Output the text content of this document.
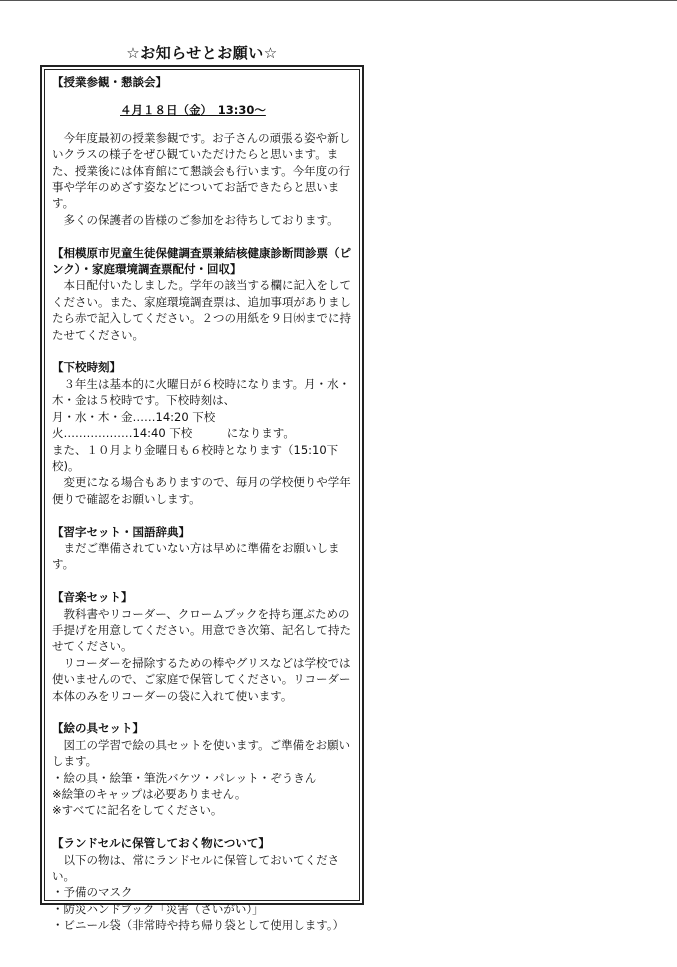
☆お知らせとお願い☆

【授業参観・懇談会】

４月１８日（金）　13:30～

今年度最初の授業参観です。お子さんの頑張る姿や新しいクラスの様子をぜひ観ていただけたらと思います。また、授業後には体育館にて懇談会も行います。今年度の行事や学年のめざす姿などについてお話できたらと思います。

多くの保護者の皆様のご参加をお待ちしております。

【相模原市児童生徒保健調査票兼結核健康診断問診票（ピンク）・家庭環境調査票配付・回収】

本日配付いたしました。学年の該当する欄に記入をしてください。また、家庭環境調査票は、追加事項がありましたら赤で記入してください。２つの用紙を９日㈬までに持たせてください。

【下校時刻】

３年生は基本的に火曜日が６校時になります。月・水・木・金は５校時です。下校時刻は、

月・水・木・金……14:20 下校

火………………14:40 下校　　　になります。

また、１０月より金曜日も６校時となります（15:10下校)。

変更になる場合もありますので、毎月の学校便りや学年便りで確認をお願いします。

【習字セット・国語辞典】

まだご準備されていない方は早めに準備をお願いします。

【音楽セット】

教科書やリコーダー、クロームブックを持ち運ぶための手提げを用意してください。用意でき次第、記名して持たせてください。

リコーダーを掃除するための棒やグリスなどは学校では使いませんので、ご家庭で保管してください。リコーダー本体のみをリコーダーの袋に入れて使います。

【絵の具セット】

図工の学習で絵の具セットを使います。ご準備をお願いします。

・絵の具・絵筆・筆洗バケツ・パレット・ぞうきん

※絵筆のキャップは必要ありません。

※すべてに記名をしてください。

【ランドセルに保管しておく物について】

以下の物は、常にランドセルに保管しておいてください。

・予備のマスク

・防災ハンドブック「災害（さいがい）」

・ビニール袋（非常時や持ち帰り袋として使用します。）
